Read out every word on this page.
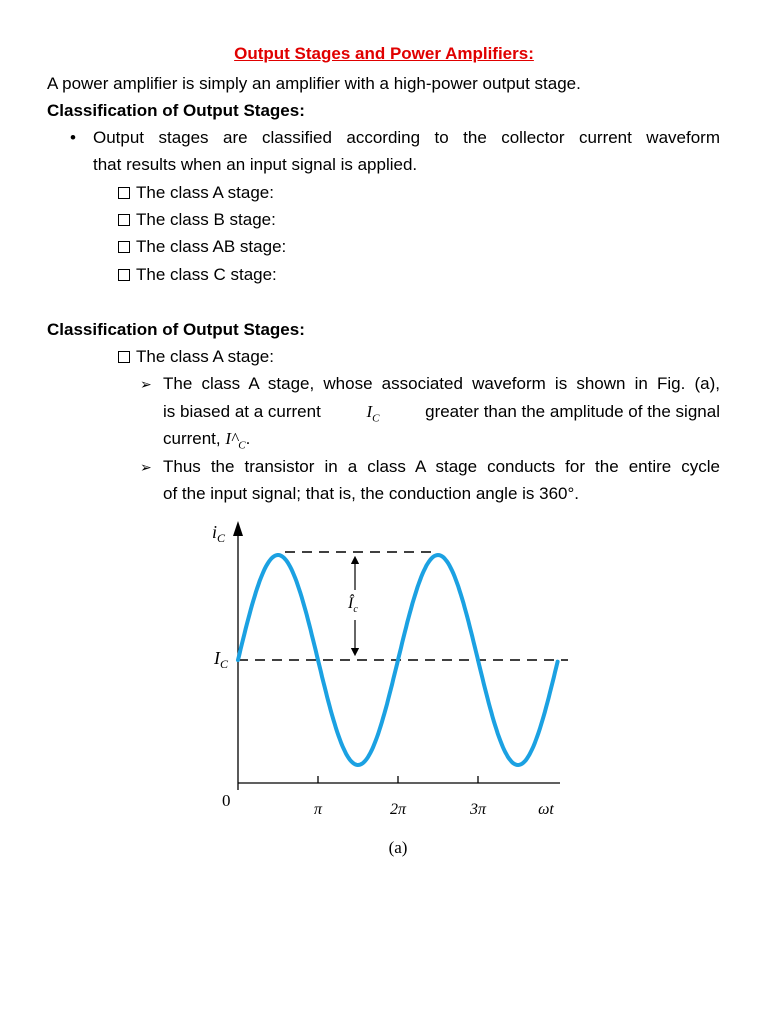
Output Stages and Power Amplifiers:
A power amplifier is simply an amplifier with a high-power output stage.
Classification of Output Stages:
• Output stages are classified according to the collector current waveform
that results when an input signal is applied.
The class A stage:
The class B stage:
The class AB stage:
The class C stage:
Classification of Output Stages:
The class A stage:
➢ The class A stage, whose associated waveform is shown in Fig. (a),
is biased at a current	$I_C$	greater than the amplitude of the signal
current, $I\^{}_C$.
➢ Thus the transistor in a class A stage conducts for the entire cycle
of the input signal; that is, the conduction angle is 360°.
$i_C$
$I_C$
$Î_c$
0	π	2π	3π	ωt
(a)
